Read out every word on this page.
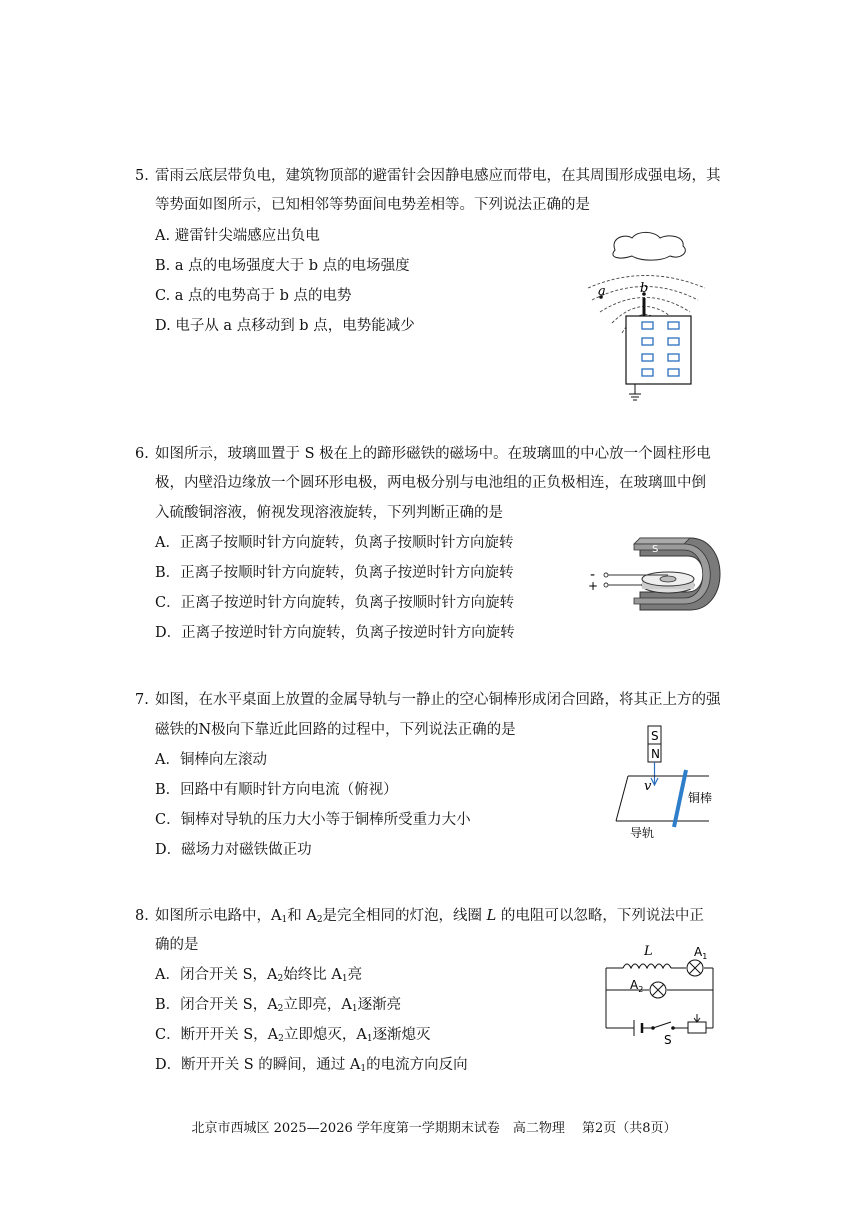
5. 雷雨云底层带负电，建筑物顶部的避雷针会因静电感应而带电，在其周围形成强电场，其
等势面如图所示，已知相邻等势面间电势差相等。下列说法正确的是
A. 避雷针尖端感应出负电
B. a 点的电场强度大于 b 点的电场强度
C. a 点的电势高于 b 点的电势
D. 电子从 a 点移动到 b 点，电势能减少
a	b
6. 如图所示，玻璃皿置于 S 极在上的蹄形磁铁的磁场中。在玻璃皿的中心放一个圆柱形电
极，内壁沿边缘放一个圆环形电极，两电极分别与电池组的正负极相连，在玻璃皿中倒
入硫酸铜溶液，俯视发现溶液旋转，下列判断正确的是
A．正离子按顺时针方向旋转，负离子按顺时针方向旋转
B．正离子按顺时针方向旋转，负离子按逆时针方向旋转
C．正离子按逆时针方向旋转，负离子按顺时针方向旋转
D．正离子按逆时针方向旋转，负离子按逆时针方向旋转
S
-
+
7. 如图，在水平桌面上放置的金属导轨与一静止的空心铜棒形成闭合回路，将其正上方的强
磁铁的N极向下靠近此回路的过程中，下列说法正确的是
A．铜棒向左滚动
B．回路中有顺时针方向电流（俯视）
C．铜棒对导轨的压力大小等于铜棒所受重力大小
D．磁场力对磁铁做正功
S
N
v
铜棒
导轨
8. 如图所示电路中，$A_1$和 $A_2$是完全相同的灯泡，线圈 L 的电阻可以忽略，下列说法中正
确的是
A．闭合开关 S，$A_2$始终比 $A_1$亮
B．闭合开关 S，$A_2$立即亮，$A_1$逐渐亮
C．断开开关 S，$A_2$立即熄灭，$A_1$逐渐熄灭
D．断开开关 S 的瞬间，通过 $A_1$的电流方向反向
L	$A_1$
$A_2$
S
北京市西城区 2025—2026 学年度第一学期期末试卷　高二物理　 第2页（共8页）
